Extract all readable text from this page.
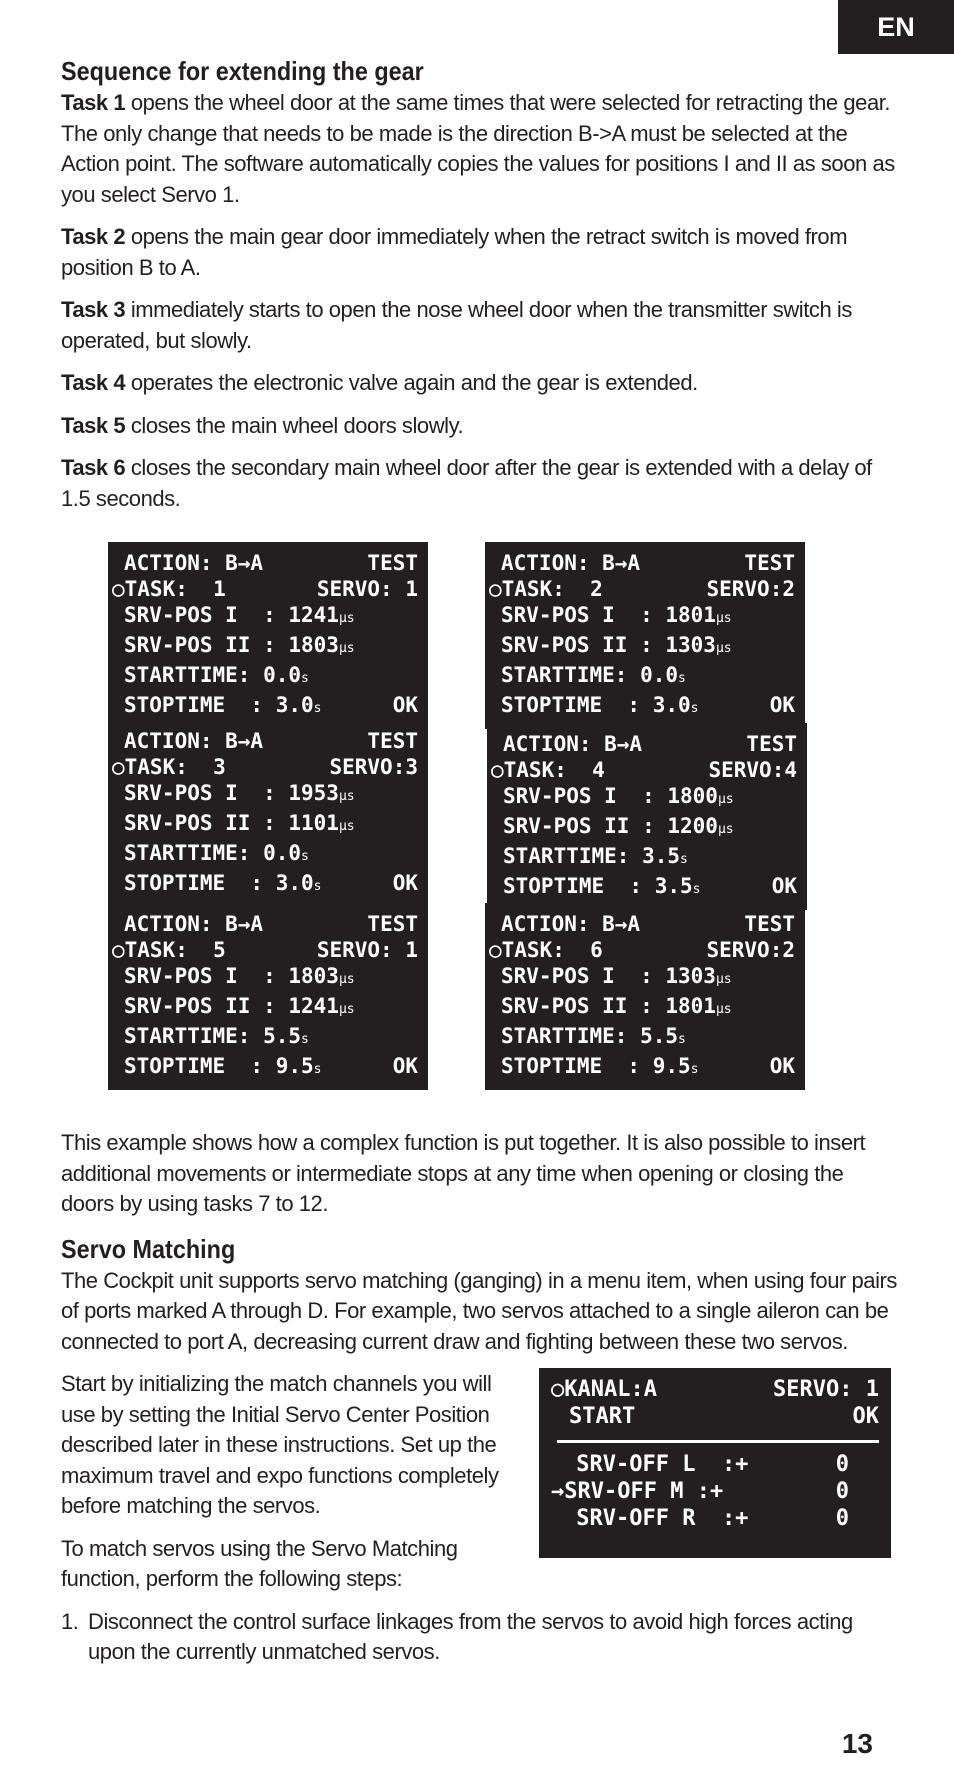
EN
Sequence for extending the gear

Task 1 opens the wheel door at the same times that were selected for retracting the gear. The only change that needs to be made is the direction B->A must be selected at the Action point. The software automatically copies the values for positions I and II as soon as you select Servo 1.

Task 2 opens the main gear door immediately when the retract switch is moved from position B to A.

Task 3 immediately starts to open the nose wheel door when the transmitter switch is operated, but slowly.

Task 4 operates the electronic valve again and the gear is extended.

Task 5 closes the main wheel doors slowly.

Task 6 closes the secondary main wheel door after the gear is extended with a delay of 1.5 seconds.

ACTION: B→A	TEST
○TASK:  1	SERVO: 1
SRV-POS I  : 1241μs
SRV-POS II : 1803μs
STARTTIME: 0.0s
STOPTIME  : 3.0s	OK
ACTION: B→A	TEST
○TASK:  2	SERVO:2
SRV-POS I  : 1801μs
SRV-POS II : 1303μs
STARTTIME: 0.0s
STOPTIME  : 3.0s	OK
ACTION: B→A	TEST
○TASK:  3	SERVO:3
SRV-POS I  : 1953μs
SRV-POS II : 1101μs
STARTTIME: 0.0s
STOPTIME  : 3.0s	OK
ACTION: B→A	TEST
○TASK:  4	SERVO:4
SRV-POS I  : 1800μs
SRV-POS II : 1200μs
STARTTIME: 3.5s
STOPTIME  : 3.5s	OK
ACTION: B→A	TEST
○TASK:  5	SERVO: 1
SRV-POS I  : 1803μs
SRV-POS II : 1241μs
STARTTIME: 5.5s
STOPTIME  : 9.5s	OK
ACTION: B→A	TEST
○TASK:  6	SERVO:2
SRV-POS I  : 1303μs
SRV-POS II : 1801μs
STARTTIME: 5.5s
STOPTIME  : 9.5s	OK

This example shows how a complex function is put together. It is also possible to insert additional movements or intermediate stops at any time when opening or closing the doors by using tasks 7 to 12.

Servo Matching

The Cockpit unit supports servo matching (ganging) in a menu item, when using four pairs of ports marked A through D. For example, two servos attached to a single aileron can be connected to port A, decreasing current draw and fighting between these two servos.

Start by initializing the match channels you will use by setting the Initial Servo Center Position described later in these instructions. Set up the maximum travel and expo functions completely before matching the servos.

To match servos using the Servo Matching function, perform the following steps:

1. Disconnect the control surface linkages from the servos to avoid high forces acting upon the currently unmatched servos.

○KANAL:A	SERVO: 1
START	OK
SRV-OFF L  :+	0
→SRV-OFF M :+	0
SRV-OFF R  :+	0
13
